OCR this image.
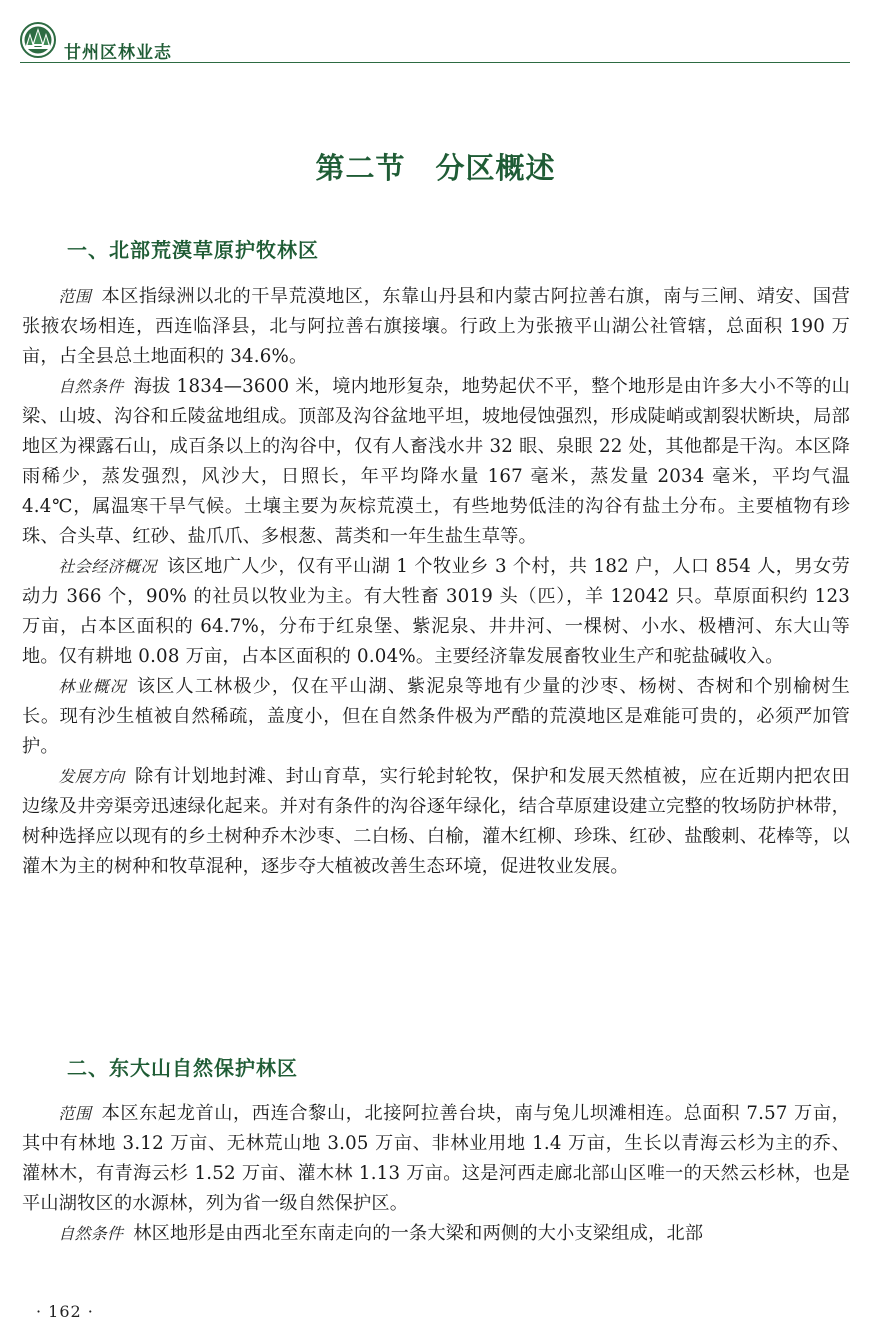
甘州区林业志
第二节　分区概述
一、北部荒漠草原护牧林区

范围 本区指绿洲以北的干旱荒漠地区，东靠山丹县和内蒙古阿拉善右旗，南与三闸、靖安、国营张掖农场相连，西连临泽县，北与阿拉善右旗接壤。行政上为张掖平山湖公社管辖，总面积 190 万亩，占全县总土地面积的 34.6%。

自然条件 海拔 1834—3600 米，境内地形复杂，地势起伏不平，整个地形是由许多大小不等的山梁、山坡、沟谷和丘陵盆地组成。顶部及沟谷盆地平坦，坡地侵蚀强烈，形成陡峭或割裂状断块，局部地区为裸露石山，成百条以上的沟谷中，仅有人畜浅水井 32 眼、泉眼 22 处，其他都是干沟。本区降雨稀少，蒸发强烈，风沙大，日照长，年平均降水量 167 毫米，蒸发量 2034 毫米，平均气温 4.4℃，属温寒干旱气候。土壤主要为灰棕荒漠土，有些地势低洼的沟谷有盐土分布。主要植物有珍珠、合头草、红砂、盐爪爪、多根葱、蒿类和一年生盐生草等。

社会经济概况 该区地广人少，仅有平山湖 1 个牧业乡 3 个村，共 182 户，人口 854 人，男女劳动力 366 个，90% 的社员以牧业为主。有大牲畜 3019 头（匹），羊 12042 只。草原面积约 123 万亩，占本区面积的 64.7%，分布于红泉堡、紫泥泉、井井河、一棵树、小水、极槽河、东大山等地。仅有耕地 0.08 万亩，占本区面积的 0.04%。主要经济靠发展畜牧业生产和驼盐碱收入。

林业概况 该区人工林极少，仅在平山湖、紫泥泉等地有少量的沙枣、杨树、杏树和个别榆树生长。现有沙生植被自然稀疏，盖度小，但在自然条件极为严酷的荒漠地区是难能可贵的，必须严加管护。

发展方向 除有计划地封滩、封山育草，实行轮封轮牧，保护和发展天然植被，应在近期内把农田边缘及井旁渠旁迅速绿化起来。并对有条件的沟谷逐年绿化，结合草原建设建立完整的牧场防护林带，树种选择应以现有的乡土树种乔木沙枣、二白杨、白榆，灌木红柳、珍珠、红砂、盐酸刺、花棒等，以灌木为主的树种和牧草混种，逐步夺大植被改善生态环境，促进牧业发展。

二、东大山自然保护林区

范围 本区东起龙首山，西连合黎山，北接阿拉善台块，南与兔儿坝滩相连。总面积 7.57 万亩，其中有林地 3.12 万亩、无林荒山地 3.05 万亩、非林业用地 1.4 万亩，生长以青海云杉为主的乔、灌林木，有青海云杉 1.52 万亩、灌木林 1.13 万亩。这是河西走廊北部山区唯一的天然云杉林，也是平山湖牧区的水源林，列为省一级自然保护区。

自然条件 林区地形是由西北至东南走向的一条大梁和两侧的大小支梁组成，北部

· 162 ·
